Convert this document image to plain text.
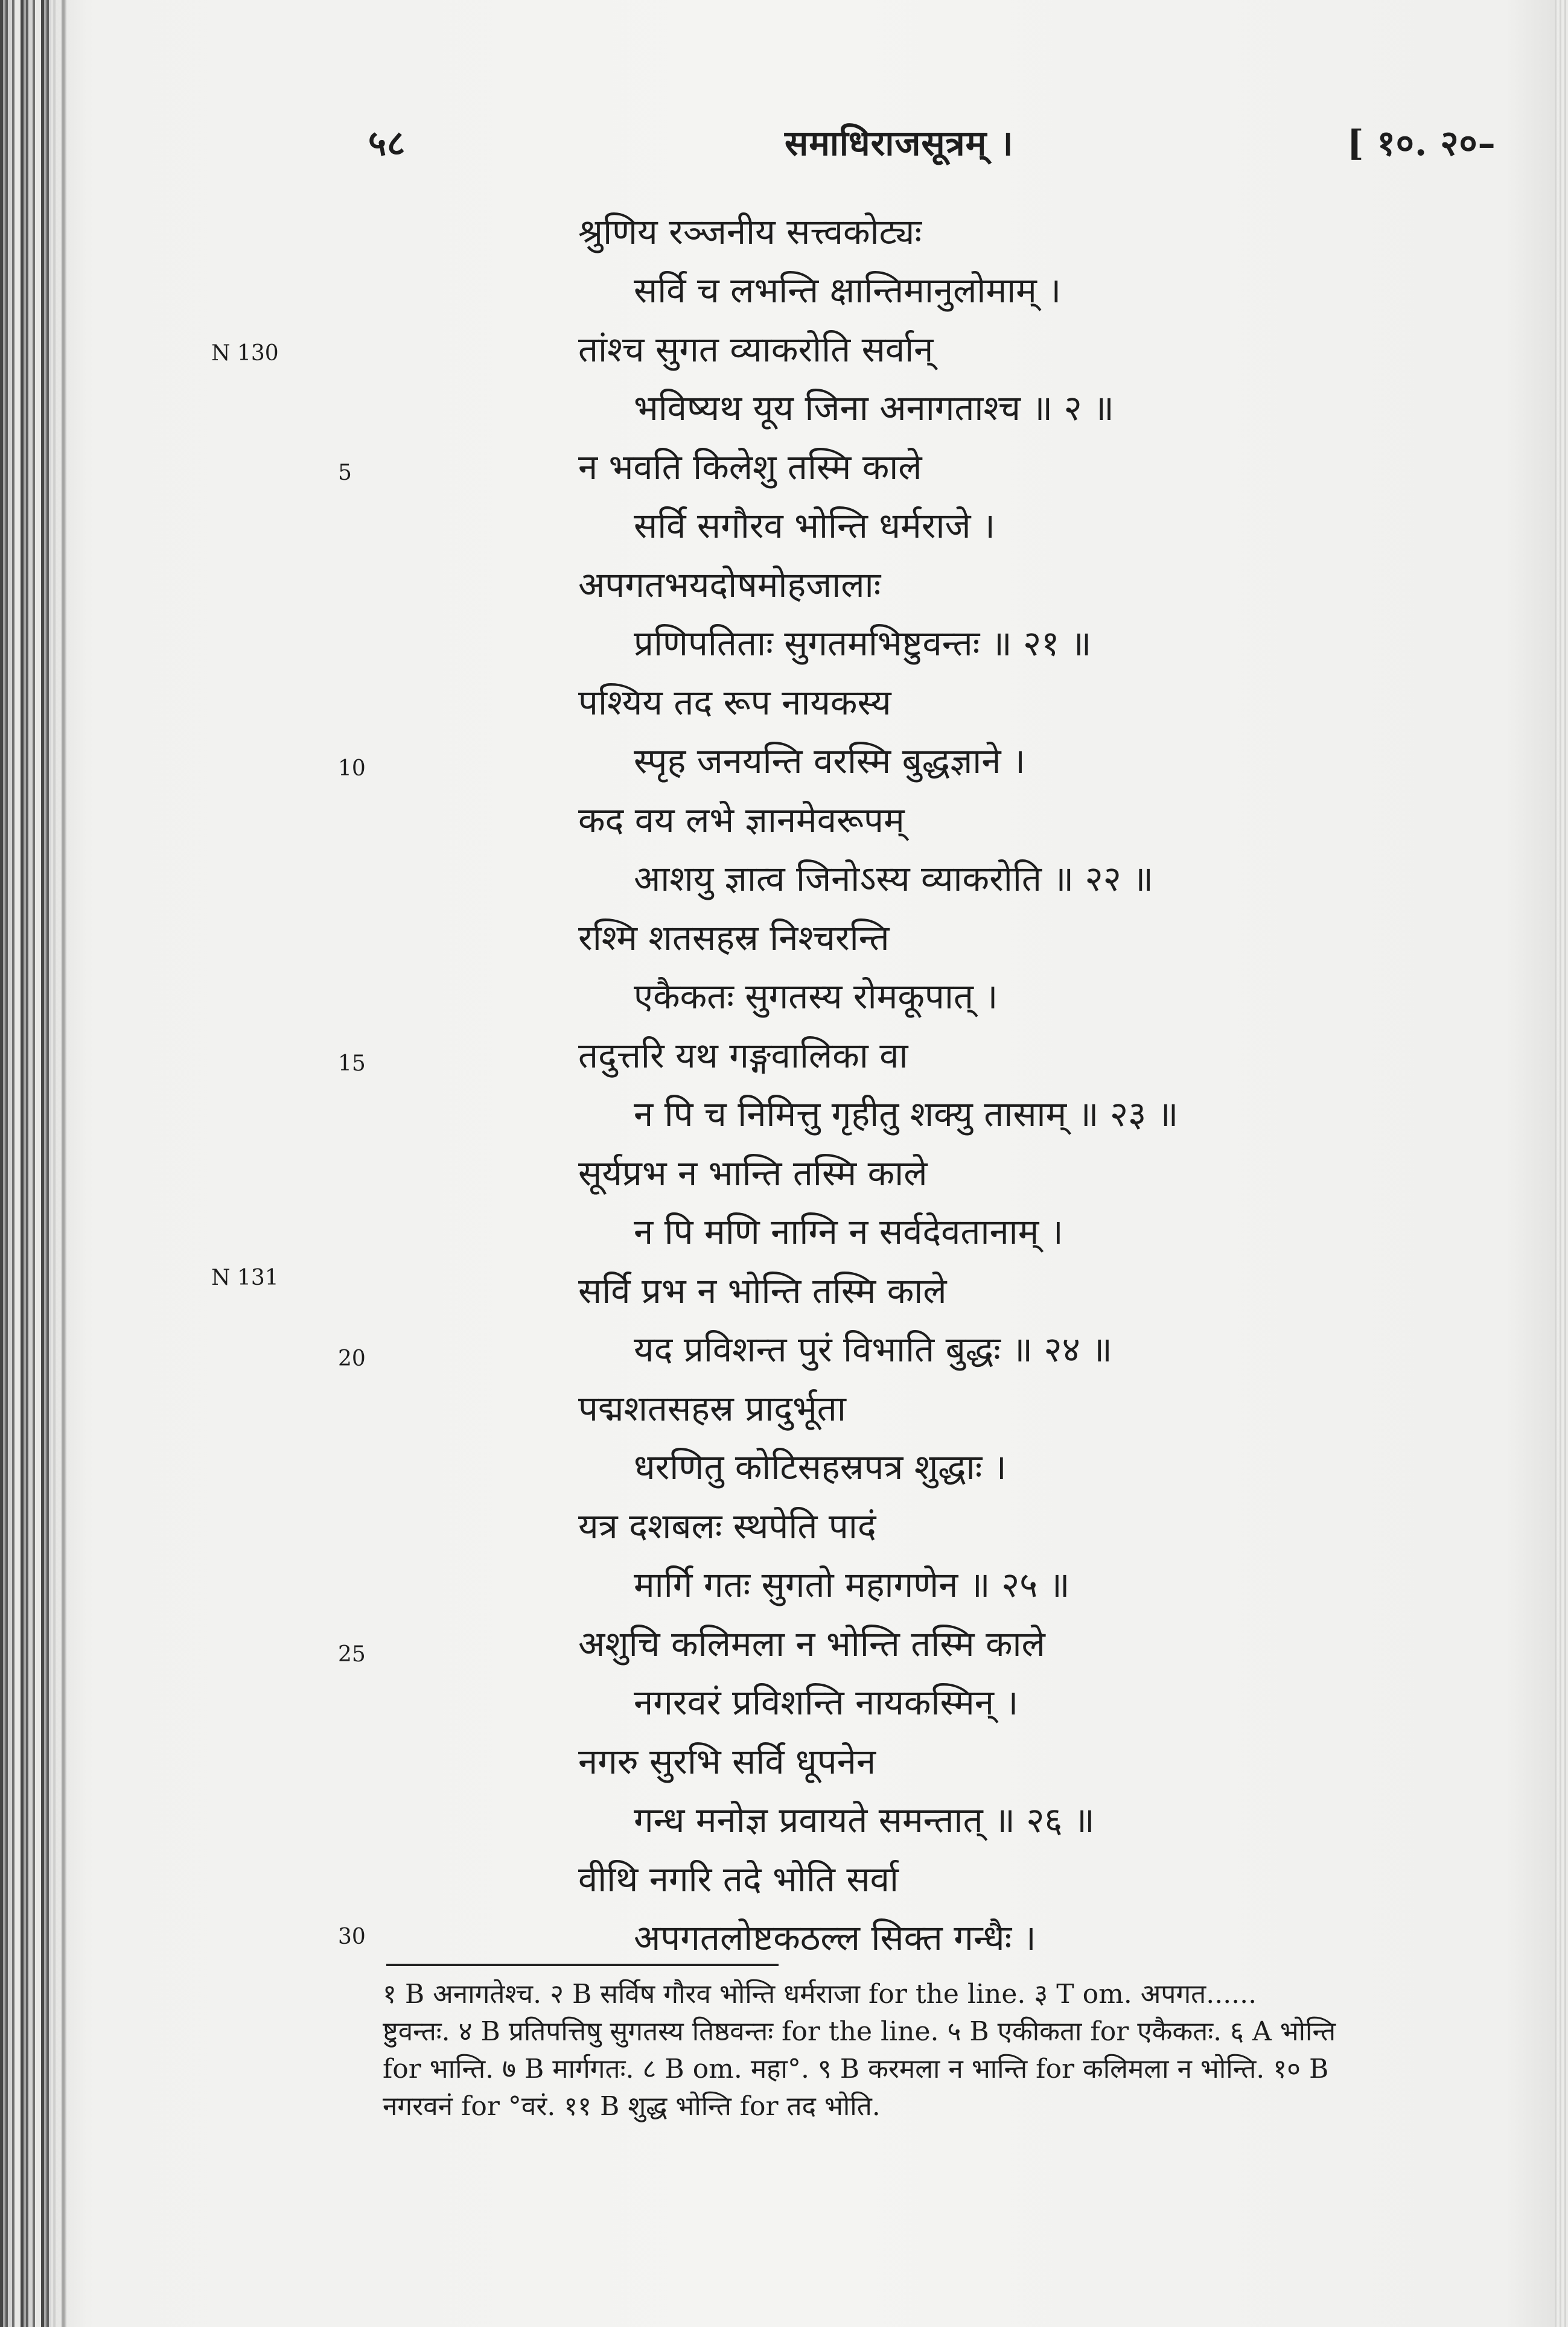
५८	समाधिराजसूत्रम् ।	[ १०. २०–
N 130
N 131
5
10
15
20
25
30
श्रुणिय रञ्जनीय सत्त्वकोट्यः
सर्वि च लभन्ति क्षान्तिमानुलोमाम् ।
तांश्च सुगत व्याकरोति सर्वान्
भविष्यथ यूय जिना अनागताश्च ॥ २ ॥
न भवति किलेशु तस्मि काले
सर्वि सगौरव भोन्ति धर्मराजे ।
अपगतभयदोषमोहजालाः
प्रणिपतिताः सुगतमभिष्टुवन्तः ॥ २१ ॥
पश्यिय तद रूप नायकस्य
स्पृह जनयन्ति वरस्मि बुद्धज्ञाने ।
कद वय लभे ज्ञानमेवरूपम्
आशयु ज्ञात्व जिनोऽस्य व्याकरोति ॥ २२ ॥
रश्मि शतसहस्र निश्चरन्ति
एकैकतः सुगतस्य रोमकूपात् ।
तदुत्तरि यथ गङ्गवालिका वा
न पि च निमित्तु गृहीतु शक्यु तासाम् ॥ २३ ॥
सूर्यप्रभ न भान्ति तस्मि काले
न पि मणि नाग्नि न सर्वदेवतानाम् ।
सर्वि प्रभ न भोन्ति तस्मि काले
यद प्रविशन्त पुरं विभाति बुद्धः ॥ २४ ॥
पद्मशतसहस्र प्रादुर्भूता
धरणितु कोटिसहस्रपत्र शुद्धाः ।
यत्र दशबलः स्थपेति पादं
मार्गि गतः सुगतो महागणेन ॥ २५ ॥
अशुचि कलिमला न भोन्ति तस्मि काले
नगरवरं प्रविशन्ति नायकस्मिन् ।
नगरु सुरभि सर्वि धूपनेन
गन्ध मनोज्ञ प्रवायते समन्तात् ॥ २६ ॥
वीथि नगरि तदे भोति सर्वा
अपगतलोष्टकठल्ल सिक्त गन्धैः ।
१ B अनागतेश्च. २ B सर्विष गौरव भोन्ति धर्मराजा for the line. ३ T om. अपगत......
ष्टुवन्तः. ४ B प्रतिपत्तिषु सुगतस्य तिष्ठवन्तः for the line. ५ B एकीकता for एकैकतः. ६ A भोन्ति
for भान्ति. ७ B मार्गगतः. ८ B om. महा°. ९ B करमला न भान्ति for कलिमला न भोन्ति. १० B
नगरवनं for °वरं. ११ B शुद्ध भोन्ति for तद भोति.
